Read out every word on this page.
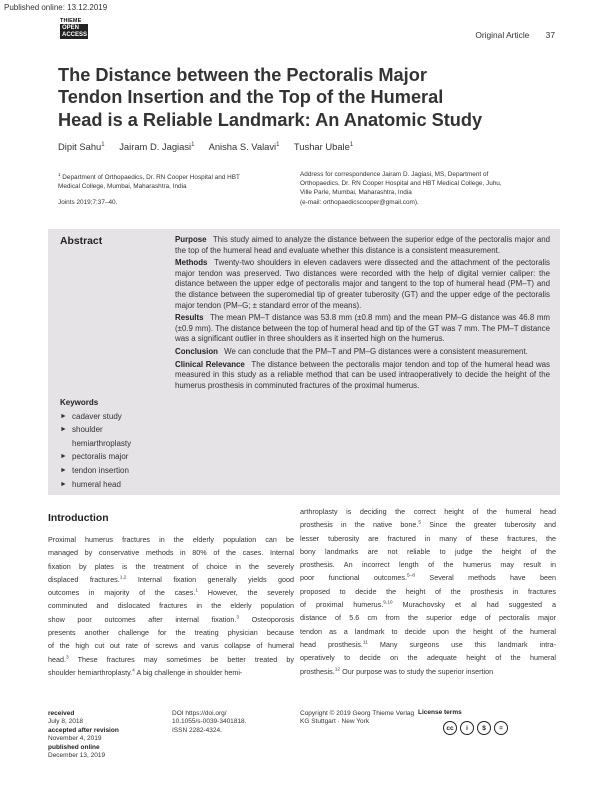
Published online: 13.12.2019
THIEME
OPEN
ACCESS	Original Article 37
The Distance between the Pectoralis Major
Tendon Insertion and the Top of the Humeral
Head is a Reliable Landmark: An Anatomic Study
Dipit Sahu$^1$ Jairam D. Jagiasi$^1$ Anisha S. Valavi$^1$ Tushar Ubale$^1$
$^1$ Department of Orthopaedics, Dr. RN Cooper Hospital and HBT
Medical College, Mumbai, Maharashtra, India
Joints 2019;7:37–40.
Address for correspondence Jairam D. Jagiasi, MS, Department of
Orthopaedics, Dr. RN Cooper Hospital and HBT Medical College, Juhu,
Ville Parle, Mumbai, Maharashtra, India
(e-mail: orthopaedicscooper@gmail.com).
Abstract	Purpose This study aimed to analyze the distance between the superior edge of the pectoralis major and the top of the humeral head and evaluate whether this distance is a consistent measurement.

Methods Twenty-two shoulders in eleven cadavers were dissected and the attachment of the pectoralis major tendon was preserved. Two distances were recorded with the help of digital vernier caliper: the distance between the upper edge of pectoralis major and tangent to the top of humeral head (PM–T) and the distance between the superomedial tip of greater tuberosity (GT) and the upper edge of the pectoralis major tendon (PM–G; ± standard error of the means).

Results The mean PM–T distance was 53.8 mm (±0.8 mm) and the mean PM–G distance was 46.8 mm (±0.9 mm). The distance between the top of humeral head and tip of the GT was 7 mm. The PM–T distance was a significant outlier in three shoulders as it inserted high on the humerus.

Conclusion We can conclude that the PM–T and PM–G distances were a consistent measurement.

Clinical Relevance The distance between the pectoralis major tendon and top of the humeral head was measured in this study as a reliable method that can be used intraoperatively to decide the height of the humerus prosthesis in comminuted fractures of the proximal humerus.

Keywords
► cadaver study
► shoulder
hemiarthroplasty
► pectoralis major
► tendon insertion
► humeral head
Introduction
Proximal humerus fractures in the elderly population can be
managed by conservative methods in 80% of the cases. Internal
fixation by plates is the treatment of choice in the severely
displaced fractures.$^{1,2}$ Internal fixation generally yields good
outcomes in majority of the cases.$^1$ However, the severely
comminuted and dislocated fractures in the elderly population
show poor outcomes after internal fixation.$^3$ Osteoporosis
presents another challenge for the treating physician because
of the high cut out rate of screws and varus collapse of humeral
head.$^3$ These fractures may sometimes be better treated by
shoulder hemiarthroplasty.$^4$ A big challenge in shoulder hemi-
arthroplasty is deciding the correct height of the humeral head
prosthesis in the native bone.$^5$ Since the greater tuberosity and
lesser tuberosity are fractured in many of these fractures, the
bony landmarks are not reliable to judge the height of the
prosthesis. An incorrect length of the humerus may result in
poor functional outcomes.$^{5-8}$ Several methods have been
proposed to decide the height of the prosthesis in fractures
of proximal humerus.$^{9,10}$ Murachovsky et al had suggested a
distance of 5.6 cm from the superior edge of pectoralis major
tendon as a landmark to decide upon the height of the humeral
head prosthesis.$^{11}$ Many surgeons use this landmark intra-
operatively to decide on the adequate height of the humeral
prosthesis.$^{12}$ Our purpose was to study the superior insertion
received
July 8, 2018
accepted after revision
November 4, 2019
published online
December 13, 2019
DOI https://doi.org/
10.1055/s-0039-3401818.
ISSN 2282-4324.
Copyright © 2019 Georg Thieme Verlag
KG Stuttgart · New York
License terms
cc	i	$	=
